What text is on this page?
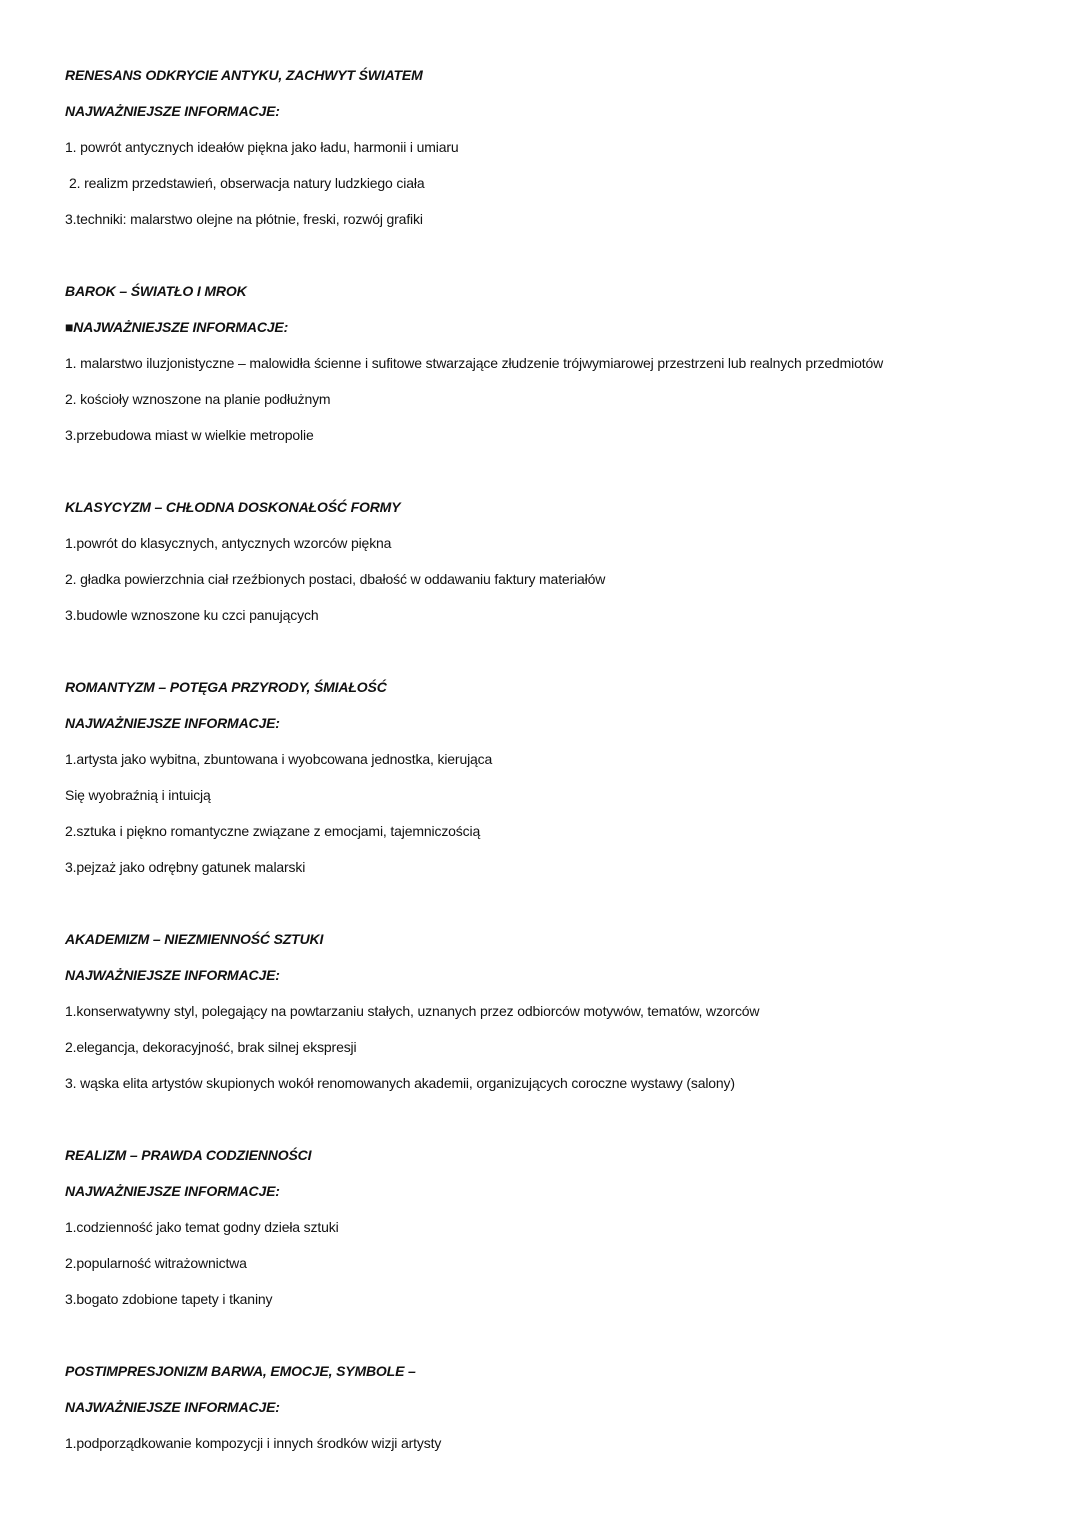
RENESANS ODKRYCIE ANTYKU, ZACHWYT ŚWIATEM
NAJWAŻNIEJSZE INFORMACJE:
1. powrót antycznych ideałów piękna jako ładu, harmonii i umiaru
2. realizm przedstawień, obserwacja natury ludzkiego ciała
3.techniki: malarstwo olejne na płótnie, freski, rozwój grafiki
BAROK – ŚWIATŁO I MROK
■NAJWAŻNIEJSZE INFORMACJE:
1. malarstwo iluzjonistyczne – malowidła ścienne i sufitowe stwarzające złudzenie trójwymiarowej przestrzeni lub realnych przedmiotów
2. kościoły wznoszone na planie podłużnym
3.przebudowa miast w wielkie metropolie
KLASYCYZM – CHŁODNA DOSKONAŁOŚĆ FORMY
1.powrót do klasycznych, antycznych wzorców piękna
2. gładka powierzchnia ciał rzeźbionych postaci, dbałość w oddawaniu faktury materiałów
3.budowle wznoszone ku czci panujących
ROMANTYZM – POTĘGA PRZYRODY, ŚMIAŁOŚĆ
NAJWAŻNIEJSZE INFORMACJE:
1.artysta jako wybitna, zbuntowana i wyobcowana jednostka, kierująca
Się wyobraźnią i intuicją
2.sztuka i piękno romantyczne związane z emocjami, tajemniczością
3.pejzaż jako odrębny gatunek malarski
AKADEMIZM – NIEZMIENNOŚĆ SZTUKI
NAJWAŻNIEJSZE INFORMACJE:
1.konserwatywny styl, polegający na powtarzaniu stałych, uznanych przez odbiorców motywów, tematów, wzorców
2.elegancja, dekoracyjność, brak silnej ekspresji
3. wąska elita artystów skupionych wokół renomowanych akademii, organizujących coroczne wystawy (salony)
REALIZM – PRAWDA CODZIENNOŚCI
NAJWAŻNIEJSZE INFORMACJE:
1.codzienność jako temat godny dzieła sztuki
2.popularność witrażownictwa
3.bogato zdobione tapety i tkaniny
POSTIMPRESJONIZM BARWA, EMOCJE, SYMBOLE –
NAJWAŻNIEJSZE INFORMACJE:
1.podporządkowanie kompozycji i innych środków wizji artysty
